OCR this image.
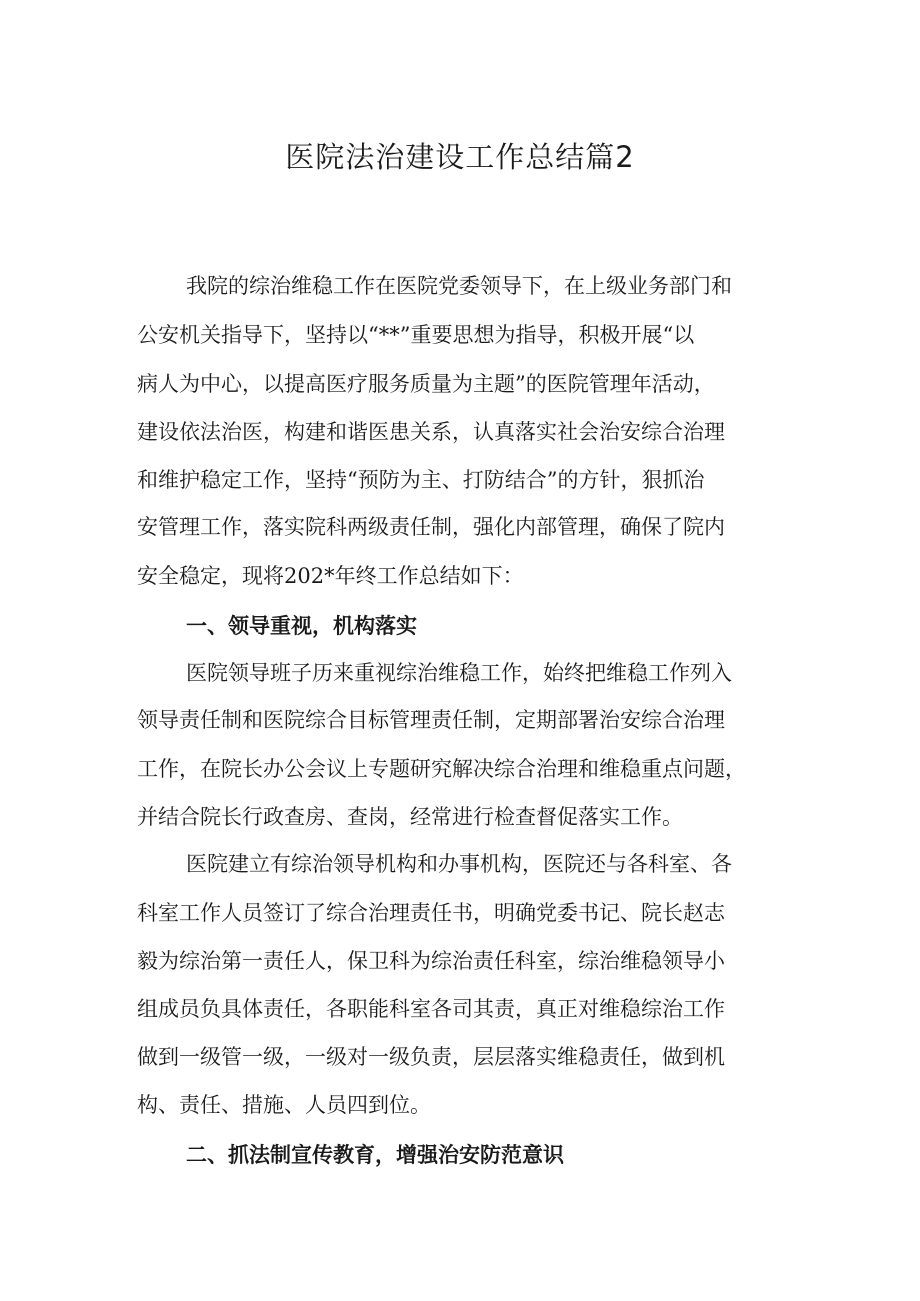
医院法治建设工作总结篇2
我院的综治维稳工作在医院党委领导下，在上级业务部门和
公安机关指导下，坚持以“**”重要思想为指导，积极开展“以
病人为中心，以提高医疗服务质量为主题”的医院管理年活动，
建设依法治医，构建和谐医患关系，认真落实社会治安综合治理
和维护稳定工作，坚持“预防为主、打防结合”的方针，狠抓治
安管理工作，落实院科两级责任制，强化内部管理，确保了院内
安全稳定，现将202*年终工作总结如下：
一、领导重视，机构落实
医院领导班子历来重视综治维稳工作，始终把维稳工作列入
领导责任制和医院综合目标管理责任制，定期部署治安综合治理
工作，在院长办公会议上专题研究解决综合治理和维稳重点问题，
并结合院长行政查房、查岗，经常进行检查督促落实工作。
医院建立有综治领导机构和办事机构，医院还与各科室、各
科室工作人员签订了综合治理责任书，明确党委书记、院长赵志
毅为综治第一责任人，保卫科为综治责任科室，综治维稳领导小
组成员负具体责任，各职能科室各司其责，真正对维稳综治工作
做到一级管一级，一级对一级负责，层层落实维稳责任，做到机
构、责任、措施、人员四到位。
二、抓法制宣传教育，增强治安防范意识
